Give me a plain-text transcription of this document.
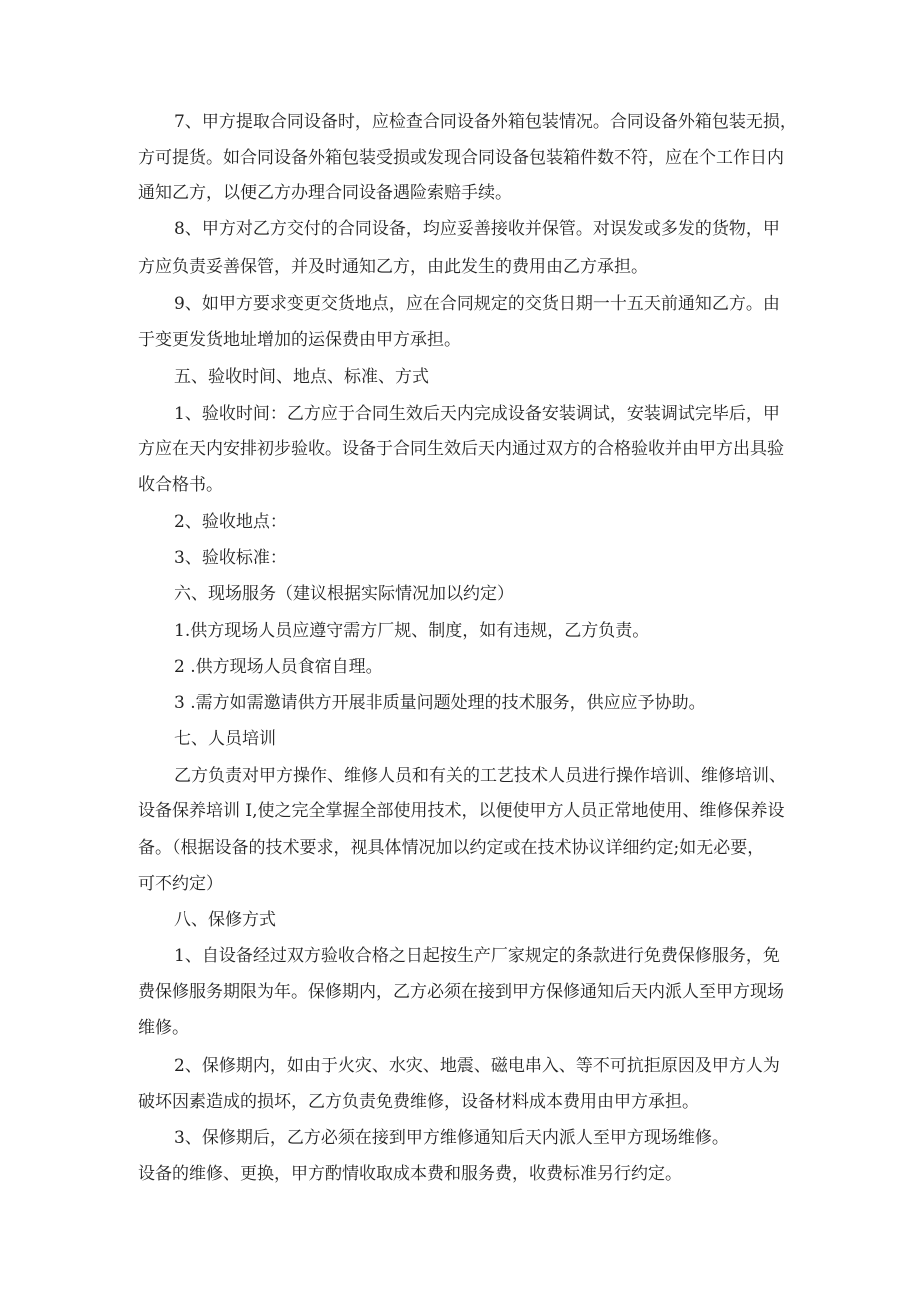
7、甲方提取合同设备时，应检查合同设备外箱包装情况。合同设备外箱包装无损，
方可提货。如合同设备外箱包装受损或发现合同设备包装箱件数不符，应在个工作日内
通知乙方，以便乙方办理合同设备遇险索赔手续。
8、甲方对乙方交付的合同设备，均应妥善接收并保管。对误发或多发的货物，甲
方应负责妥善保管，并及时通知乙方，由此发生的费用由乙方承担。
9、如甲方要求变更交货地点，应在合同规定的交货日期一十五天前通知乙方。由
于变更发货地址增加的运保费由甲方承担。
五、验收时间、地点、标准、方式
1、验收时间：乙方应于合同生效后天内完成设备安装调试，安装调试完毕后，甲
方应在天内安排初步验收。设备于合同生效后天内通过双方的合格验收并由甲方出具验
收合格书。
2、验收地点：
3、验收标准：
六、现场服务（建议根据实际情况加以约定）
1.供方现场人员应遵守需方厂规、制度，如有违规，乙方负责。
2 .供方现场人员食宿自理。
3 .需方如需邀请供方开展非质量问题处理的技术服务，供应应予协助。
七、人员培训
乙方负责对甲方操作、维修人员和有关的工艺技术人员进行操作培训、维修培训、
设备保养培训 I,使之完全掌握全部使用技术，以便使甲方人员正常地使用、维修保养设
备。（根据设备的技术要求，视具体情况加以约定或在技术协议详细约定;如无必要，
可不约定）
八、保修方式
1、自设备经过双方验收合格之日起按生产厂家规定的条款进行免费保修服务，免
费保修服务期限为年。保修期内，乙方必须在接到甲方保修通知后天内派人至甲方现场
维修。
2、保修期内，如由于火灾、水灾、地震、磁电串入、等不可抗拒原因及甲方人为
破坏因素造成的损坏，乙方负责免费维修，设备材料成本费用由甲方承担。
3、保修期后，乙方必须在接到甲方维修通知后天内派人至甲方现场维修。
设备的维修、更换，甲方酌情收取成本费和服务费，收费标准另行约定。
